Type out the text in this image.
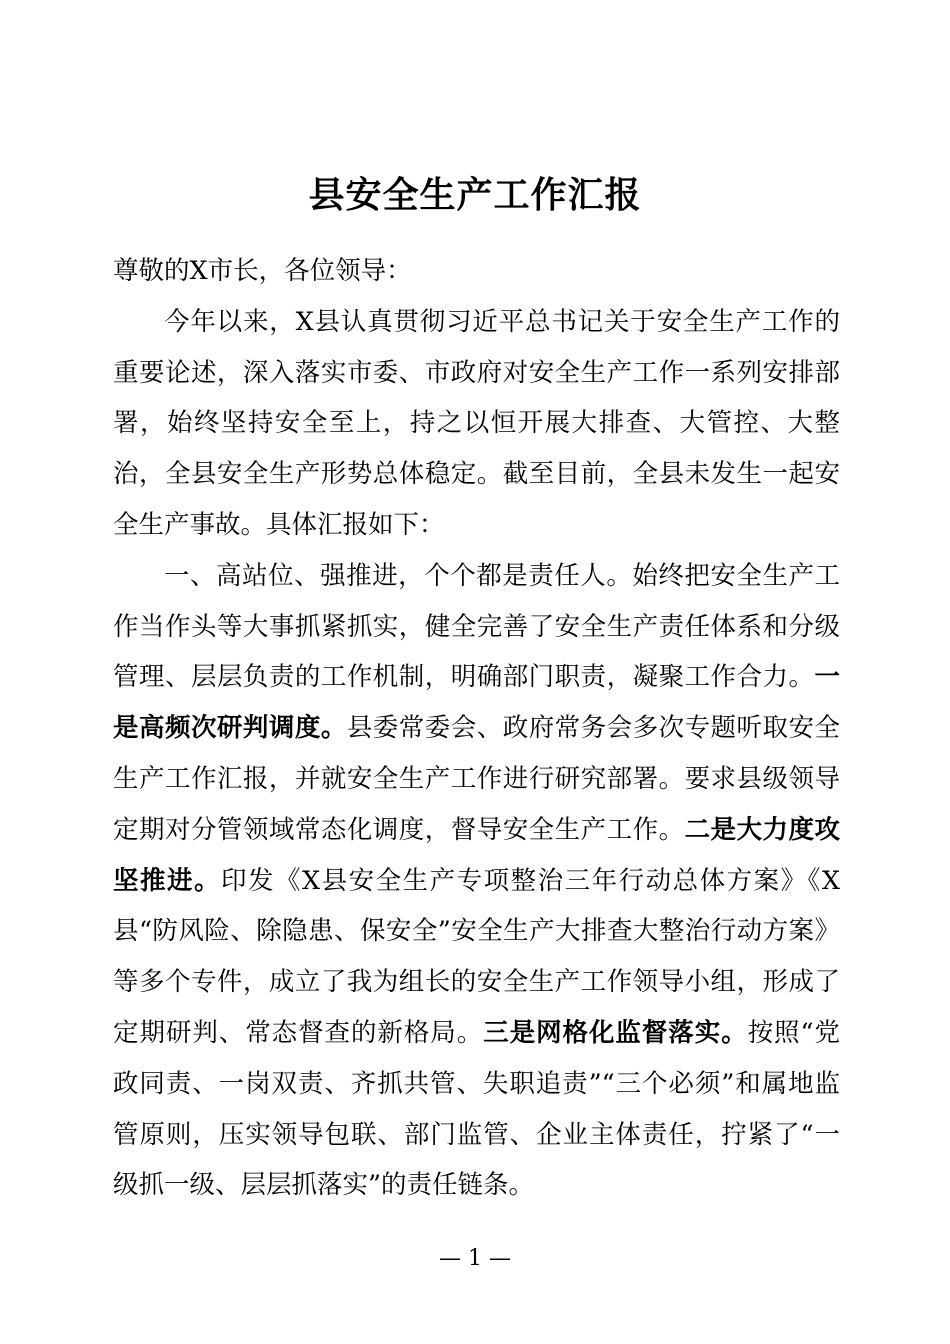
县安全生产工作汇报

尊敬的X市长，各位领导：

今年以来，X县认真贯彻习近平总书记关于安全生产工作的重要论述，深入落实市委、市政府对安全生产工作一系列安排部署，始终坚持安全至上，持之以恒开展大排查、大管控、大整治，全县安全生产形势总体稳定。截至目前，全县未发生一起安全生产事故。具体汇报如下：

一、高站位、强推进，个个都是责任人。始终把安全生产工作当作头等大事抓紧抓实，健全完善了安全生产责任体系和分级管理、层层负责的工作机制，明确部门职责，凝聚工作合力。一是高频次研判调度。县委常委会、政府常务会多次专题听取安全生产工作汇报，并就安全生产工作进行研究部署。要求县级领导定期对分管领域常态化调度，督导安全生产工作。二是大力度攻坚推进。印发《X县安全生产专项整治三年行动总体方案》《X县“防风险、除隐患、保安全”安全生产大排查大整治行动方案》等多个专件，成立了我为组长的安全生产工作领导小组，形成了定期研判、常态督查的新格局。三是网格化监督落实。按照“党政同责、一岗双责、齐抓共管、失职追责”“三个必须”和属地监管原则，压实领导包联、部门监管、企业主体责任，拧紧了“一级抓一级、层层抓落实”的责任链条。

— 1 —
